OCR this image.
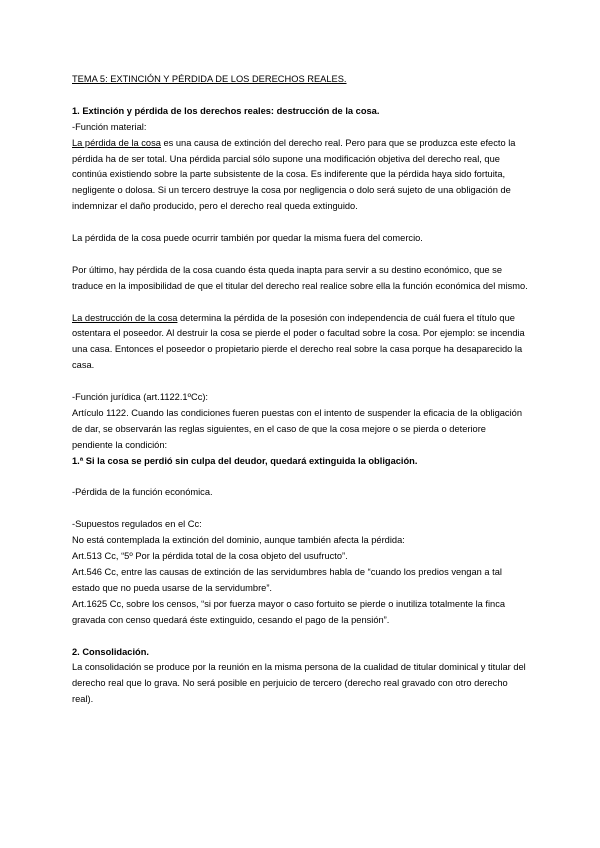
TEMA 5: EXTINCIÓN Y PÉRDIDA DE LOS DERECHOS REALES.

1. Extinción y pérdida de los derechos reales: destrucción de la cosa.

-Función material:

La pérdida de la cosa es una causa de extinción del derecho real. Pero para que se produzca este efecto la pérdida ha de ser total. Una pérdida parcial sólo supone una modificación objetiva del derecho real, que continúa existiendo sobre la parte subsistente de la cosa. Es indiferente que la pérdida haya sido fortuita, negligente o dolosa. Si un tercero destruye la cosa por negligencia o dolo será sujeto de una obligación de indemnizar el daño producido, pero el derecho real queda extinguido.

La pérdida de la cosa puede ocurrir también por quedar la misma fuera del comercio.

Por último, hay pérdida de la cosa cuando ésta queda inapta para servir a su destino económico, que se traduce en la imposibilidad de que el titular del derecho real realice sobre ella la función económica del mismo.

La destrucción de la cosa determina la pérdida de la posesión con independencia de cuál fuera el título que ostentara el poseedor. Al destruir la cosa se pierde el poder o facultad sobre la cosa. Por ejemplo: se incendia una casa. Entonces el poseedor o propietario pierde el derecho real sobre la casa porque ha desaparecido la casa.

-Función jurídica (art.1122.1ºCc):

Artículo 1122. Cuando las condiciones fueren puestas con el intento de suspender la eficacia de la obligación de dar, se observarán las reglas siguientes, en el caso de que la cosa mejore o se pierda o deteriore pendiente la condición:

1.ª Si la cosa se perdió sin culpa del deudor, quedará extinguida la obligación.

-Pérdida de la función económica.

-Supuestos regulados en el Cc:

No está contemplada la extinción del dominio, aunque también afecta la pérdida:

Art.513 Cc, “5º Por la pérdida total de la cosa objeto del usufructo”.

Art.546 Cc, entre las causas de extinción de las servidumbres habla de “cuando los predios vengan a tal estado que no pueda usarse de la servidumbre”.

Art.1625 Cc, sobre los censos, “si por fuerza mayor o caso fortuito se pierde o inutiliza totalmente la finca gravada con censo quedará éste extinguido, cesando el pago de la pensión”.

2. Consolidación.

La consolidación se produce por la reunión en la misma persona de la cualidad de titular dominical y titular del derecho real que lo grava. No será posible en perjuicio de tercero (derecho real gravado con otro derecho real).
